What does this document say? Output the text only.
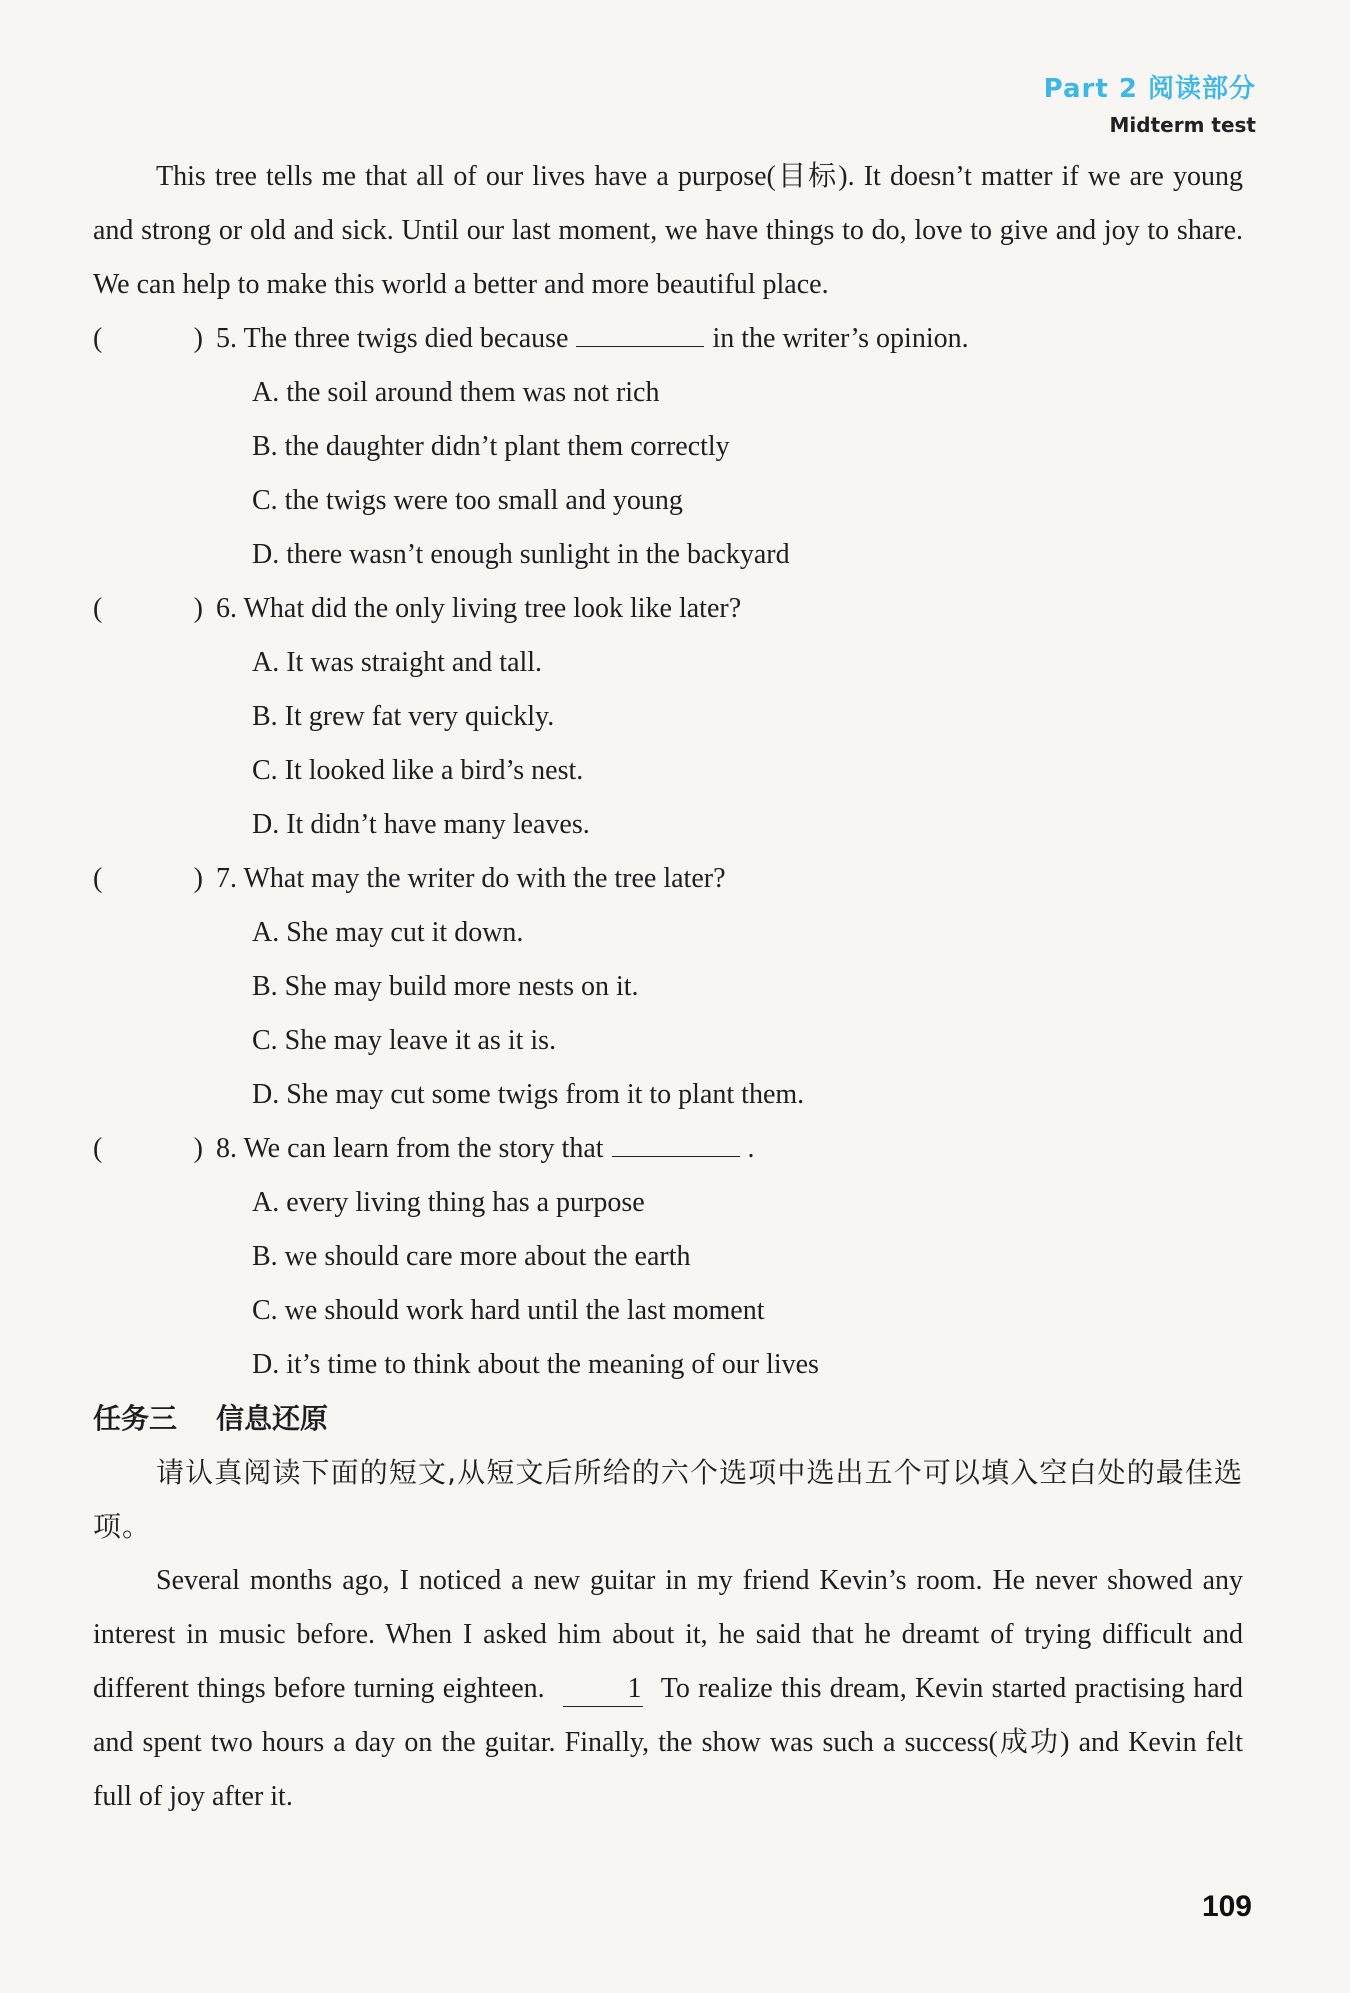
Part 2 阅读部分
Midterm test

This tree tells me that all of our lives have a purpose(目标). It doesn’t matter if we are young and strong or old and sick. Until our last moment, we have things to do, love to give and joy to share. We can help to make this world a better and more beautiful place.

(	) 5. The three twigs died because	in the writer’s opinion.
A. the soil around them was not rich
B. the daughter didn’t plant them correctly
C. the twigs were too small and young
D. there wasn’t enough sunlight in the backyard
(	) 6. What did the only living tree look like later?
A. It was straight and tall.
B. It grew fat very quickly.
C. It looked like a bird’s nest.
D. It didn’t have many leaves.
(	) 7. What may the writer do with the tree later?
A. She may cut it down.
B. She may build more nests on it.
C. She may leave it as it is.
D. She may cut some twigs from it to plant them.
(	) 8. We can learn from the story that	.
A. every living thing has a purpose
B. we should care more about the earth
C. we should work hard until the last moment
D. it’s time to think about the meaning of our lives
任务三    信息还原

请认真阅读下面的短文,从短文后所给的六个选项中选出五个可以填入空白处的最佳选项。

Several months ago, I noticed a new guitar in my friend Kevin’s room. He never showed any interest in music before. When I asked him about it, he said that he dreamt of trying difficult and different things before turning eighteen.	1 To realize this dream, Kevin started practising hard and spent two hours a day on the guitar. Finally, the show was such a success(成功) and Kevin felt full of joy after it.

109
